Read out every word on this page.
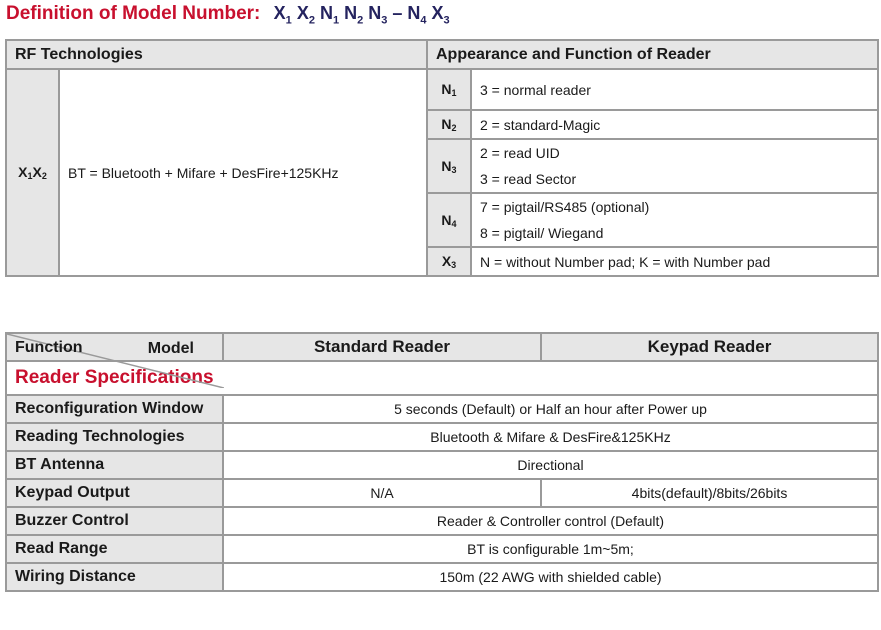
Definition of Model Number: $X_1$ $X_2$ $N_1$ $N_2$ $N_3 - N_4$ $X_3$
RF Technologies		Appearance and Function of Reader	
$X_1X_2$	BT = Bluetooth + Mifare + DesFire+125KHz	$N_1$	3 = normal reader
		$N_2$	2 = standard-Magic
		$N_3$	2 = read UID
3 = read Sector

		$N_4$	7 = pigtail/RS485 (optional)
8 = pigtail/ Wiegand

		$X_3$	N = without Number pad; K = with Number pad
Model
Function	Standard Reader	Keypad Reader
Reader Specifications		
Reconfiguration Window	5 seconds (Default) or Half an hour after Power up	
Reading Technologies	Bluetooth & Mifare & DesFire&125KHz	
BT Antenna	Directional	
Keypad Output	N/A	4bits(default)/8bits/26bits
Buzzer Control	Reader & Controller control (Default)	
Read Range	BT is configurable 1m~5m;	
Wiring Distance	150m (22 AWG with shielded cable)	
